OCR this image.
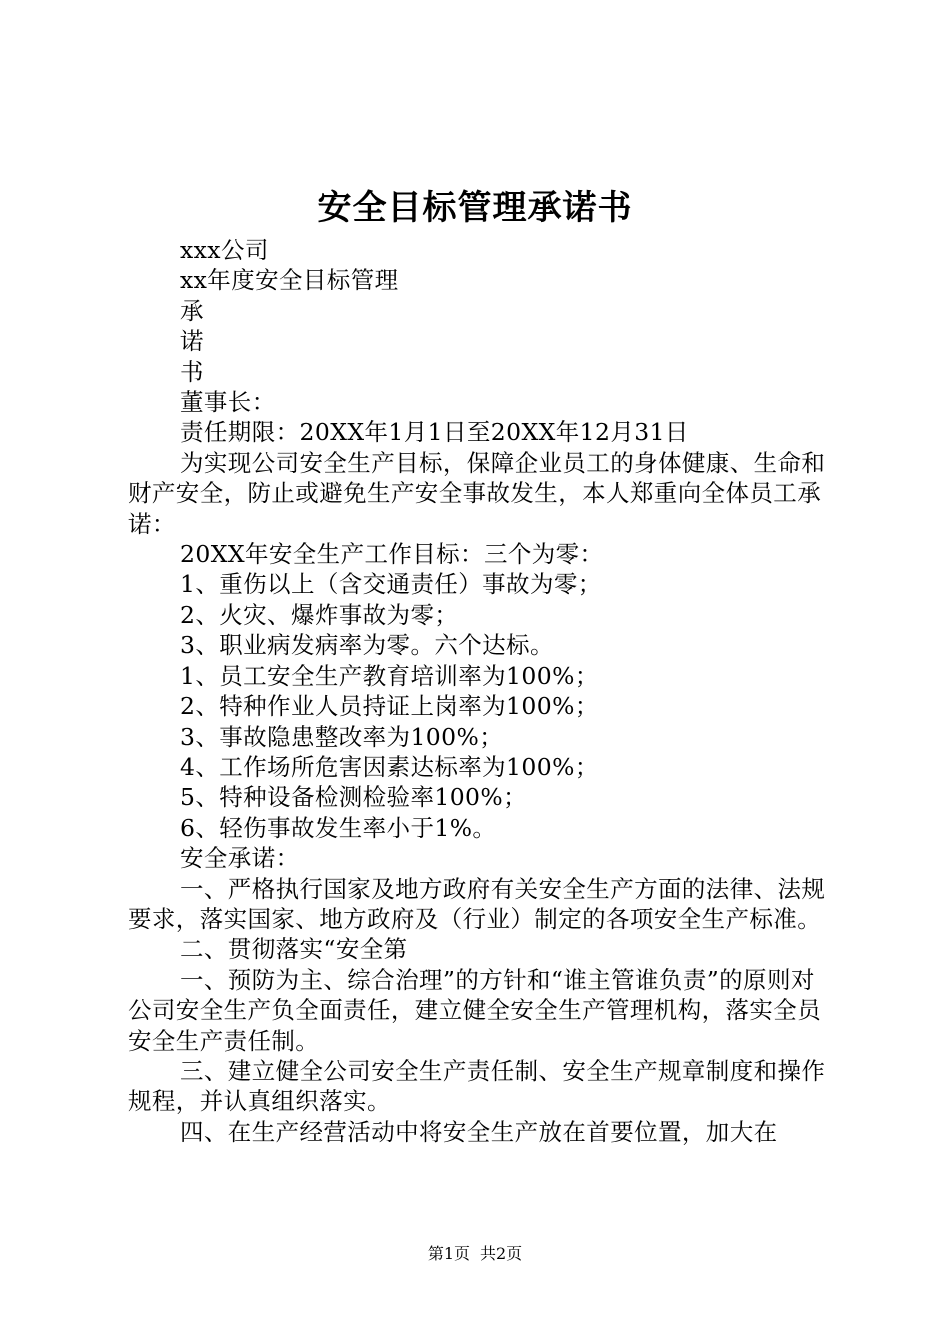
安全目标管理承诺书

xxx公司

xx年度安全目标管理

承

诺

书

董事长：

责任期限：20XX年1月1日至20XX年12月31日

为实现公司安全生产目标，保障企业员工的身体健康、生命和财产安全，防止或避免生产安全事故发生，本人郑重向全体员工承诺：

20XX年安全生产工作目标：三个为零：

1、重伤以上（含交通责任）事故为零；

2、火灾、爆炸事故为零；

3、职业病发病率为零。六个达标。

1、员工安全生产教育培训率为100%；

2、特种作业人员持证上岗率为100%；

3、事故隐患整改率为100%；

4、工作场所危害因素达标率为100%；

5、特种设备检测检验率100%；

6、轻伤事故发生率小于1%。

安全承诺：

一、严格执行国家及地方政府有关安全生产方面的法律、法规要求，落实国家、地方政府及（行业）制定的各项安全生产标准。

二、贯彻落实“安全第

一、预防为主、综合治理”的方针和“谁主管谁负责”的原则对公司安全生产负全面责任，建立健全安全生产管理机构，落实全员安全生产责任制。

三、建立健全公司安全生产责任制、安全生产规章制度和操作规程，并认真组织落实。

四、在生产经营活动中将安全生产放在首要位置，加大在

第1页 共2页
